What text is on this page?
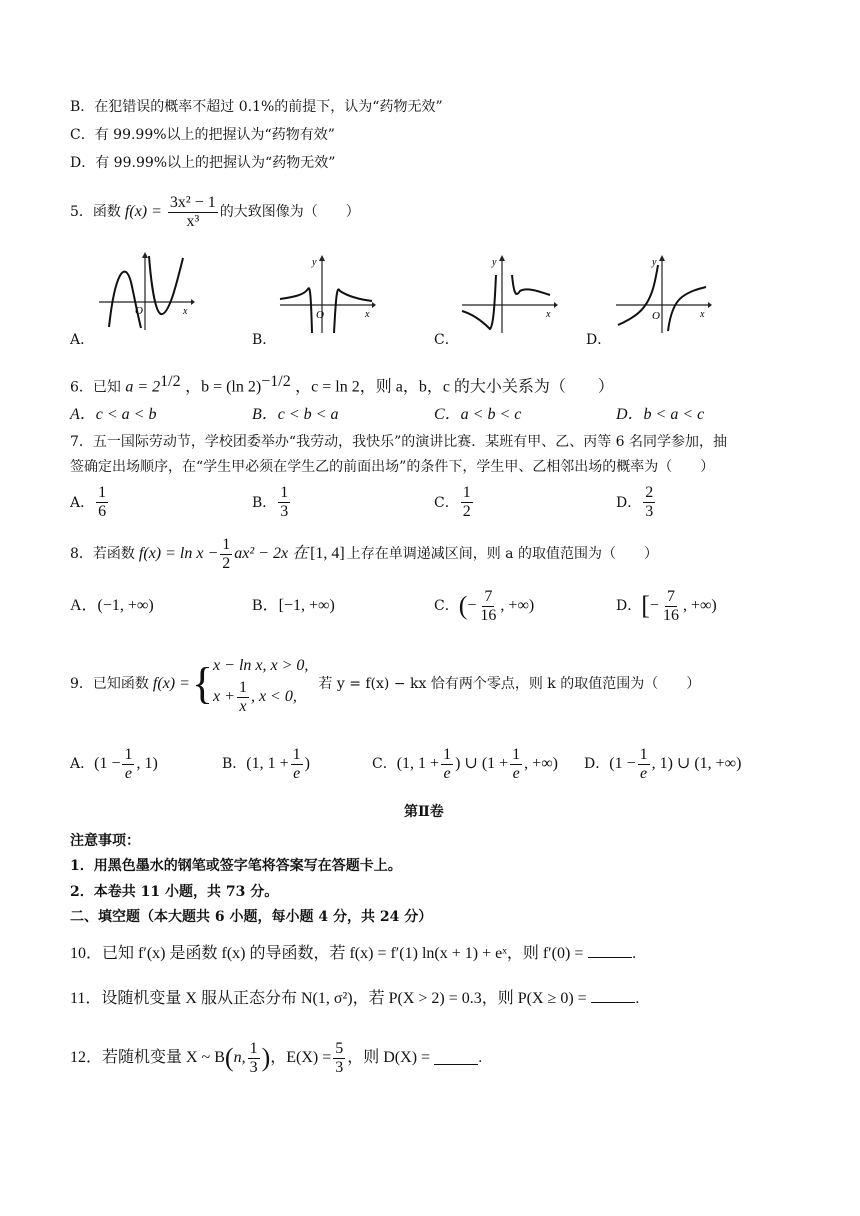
B．在犯错误的概率不超过 0.1%的前提下，认为“药物无效”
C．有 99.99%以上的把握认为“药物有效”
D．有 99.99%以上的把握认为“药物无效”
5．函数 $f(x) = \frac{\text{3x² − 1}}{\text{x³}}$ 的大致图像为（　　）
O	x
A．
y
O	x
B．
y
x
C．
y
O	x
D．
6．已知 $a = 2^{1/2}$ ，b = (ln 2)$^{-1/2}$ ，c = ln 2，则 a，b，c 的大小关系为（　　）
A．c < a < b	B．c < b < a	C．a < b < c	D．b < a < c
7．五一国际劳动节，学校团委举办“我劳动，我快乐”的演讲比赛．某班有甲、乙、丙等 6 名同学参加，抽
签确定出场顺序，在“学生甲必须在学生乙的前面出场”的条件下，学生甲、乙相邻出场的概率为（　　）
A． $\frac{1}{6}$	B． $\frac{1}{3}$	C． $\frac{1}{2}$	D． $\frac{2}{3}$
8．若函数 $f(x) = \ln x - \frac{1}{2} ax^2 - 2x$ 在 [1, 4] 上存在单调递减区间，则 a 的取值范围为（　　）
A．(−1, +∞)	B．[−1, +∞)	C． ( − $\frac{7}{16}$ , +∞)	D． [ − $\frac{7}{16}$ , +∞)
9．已知函数 f(x) = { x − ln x, x > 0,
$x + \frac{1}{x}$ , x < 0,
若 y = f(x) − kx 恰有两个零点，则 k 的取值范围为（　　）
A． ($1 - \frac{1}{e}$ , 1)	B． (1, $1 + \frac{1}{e}$ )	C． (1, $1 + \frac{1}{e}$ ) ∪ ($1 + \frac{1}{e}$ , +∞) D． ($1 - \frac{1}{e}$ , 1) ∪ (1, +∞)
第Ⅱ卷
注意事项：
1．用黑色墨水的钢笔或签字笔将答案写在答题卡上。
2．本卷共 11 小题，共 73 分。
二、填空题（本大题共 6 小题，每小题 4 分，共 24 分）
10．已知 f′(x) 是函数 f(x) 的导函数，若 f(x) = f′(1) ln(x + 1) + eˣ，则 f′(0) =	.
11．设随机变量 X 服从正态分布 N(1, σ²)，若 P(X > 2) = 0.3，则 P(X ≥ 0) =	.
12．若随机变量 X ~ B ( n, $\frac{1}{3}$ ) ，$E(X) = \frac{5}{3}$ ，则 D(X) =	.
